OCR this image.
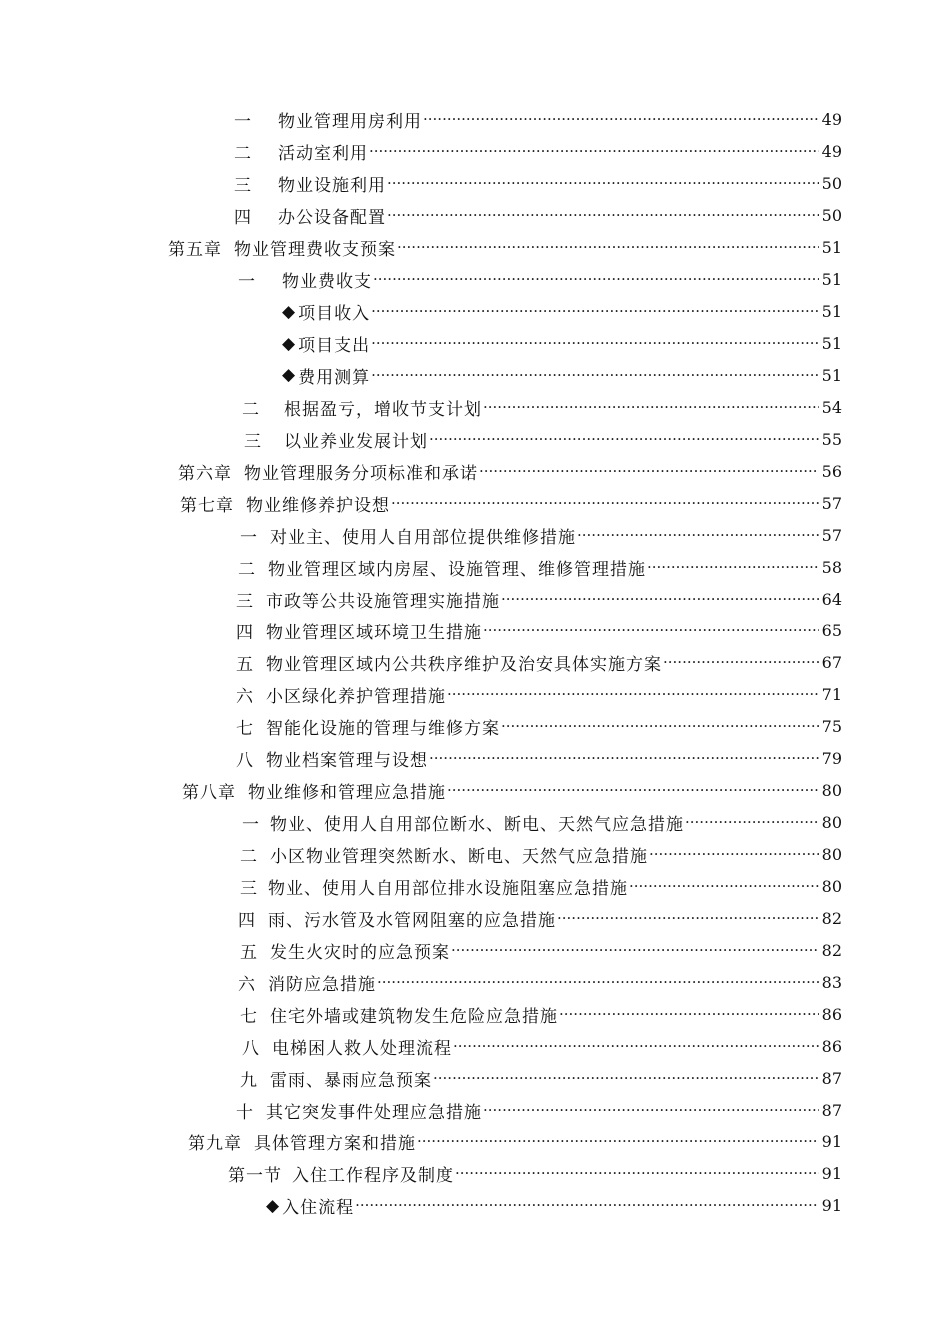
一 物业管理用房利用 ·····	49
二 活动室利用 ·····	49
三 物业设施利用 ·····	50
四 办公设备配置 ·····	50
第五章 物业管理费收支预案 ·····	51
一 物业费收支 ·····	51
◆ 项目收入 ·····	51
◆ 项目支出 ·····	51
◆ 费用测算 ·····	51
二 根据盈亏，增收节支计划 ·····	54
三 以业养业发展计划 ·····	55
第六章 物业管理服务分项标准和承诺 ·····	56
第七章 物业维修养护设想 ·····	57
一 对业主、使用人自用部位提供维修措施 ·····	57
二 物业管理区域内房屋、设施管理、维修管理措施 ·····	58
三 市政等公共设施管理实施措施 ·····	64
四 物业管理区域环境卫生措施 ·····	65
五 物业管理区域内公共秩序维护及治安具体实施方案 ·····	67
六 小区绿化养护管理措施 ·····	71
七 智能化设施的管理与维修方案 ·····	75
八 物业档案管理与设想 ·····	79
第八章 物业维修和管理应急措施 ·····	80
一 物业、使用人自用部位断水、断电、天然气应急措施 ·····	80
二 小区物业管理突然断水、断电、天然气应急措施 ·····	80
三 物业、使用人自用部位排水设施阻塞应急措施 ·····	80
四 雨、污水管及水管网阻塞的应急措施 ·····	82
五 发生火灾时的应急预案 ·····	82
六 消防应急措施 ·····	83
七 住宅外墙或建筑物发生危险应急措施 ·····	86
八 电梯困人救人处理流程 ·····	86
九 雷雨、暴雨应急预案 ·····	87
十 其它突发事件处理应急措施 ·····	87
第九章 具体管理方案和措施 ·····	91
第一节 入住工作程序及制度 ·····	91
◆ 入住流程 ·····	91
